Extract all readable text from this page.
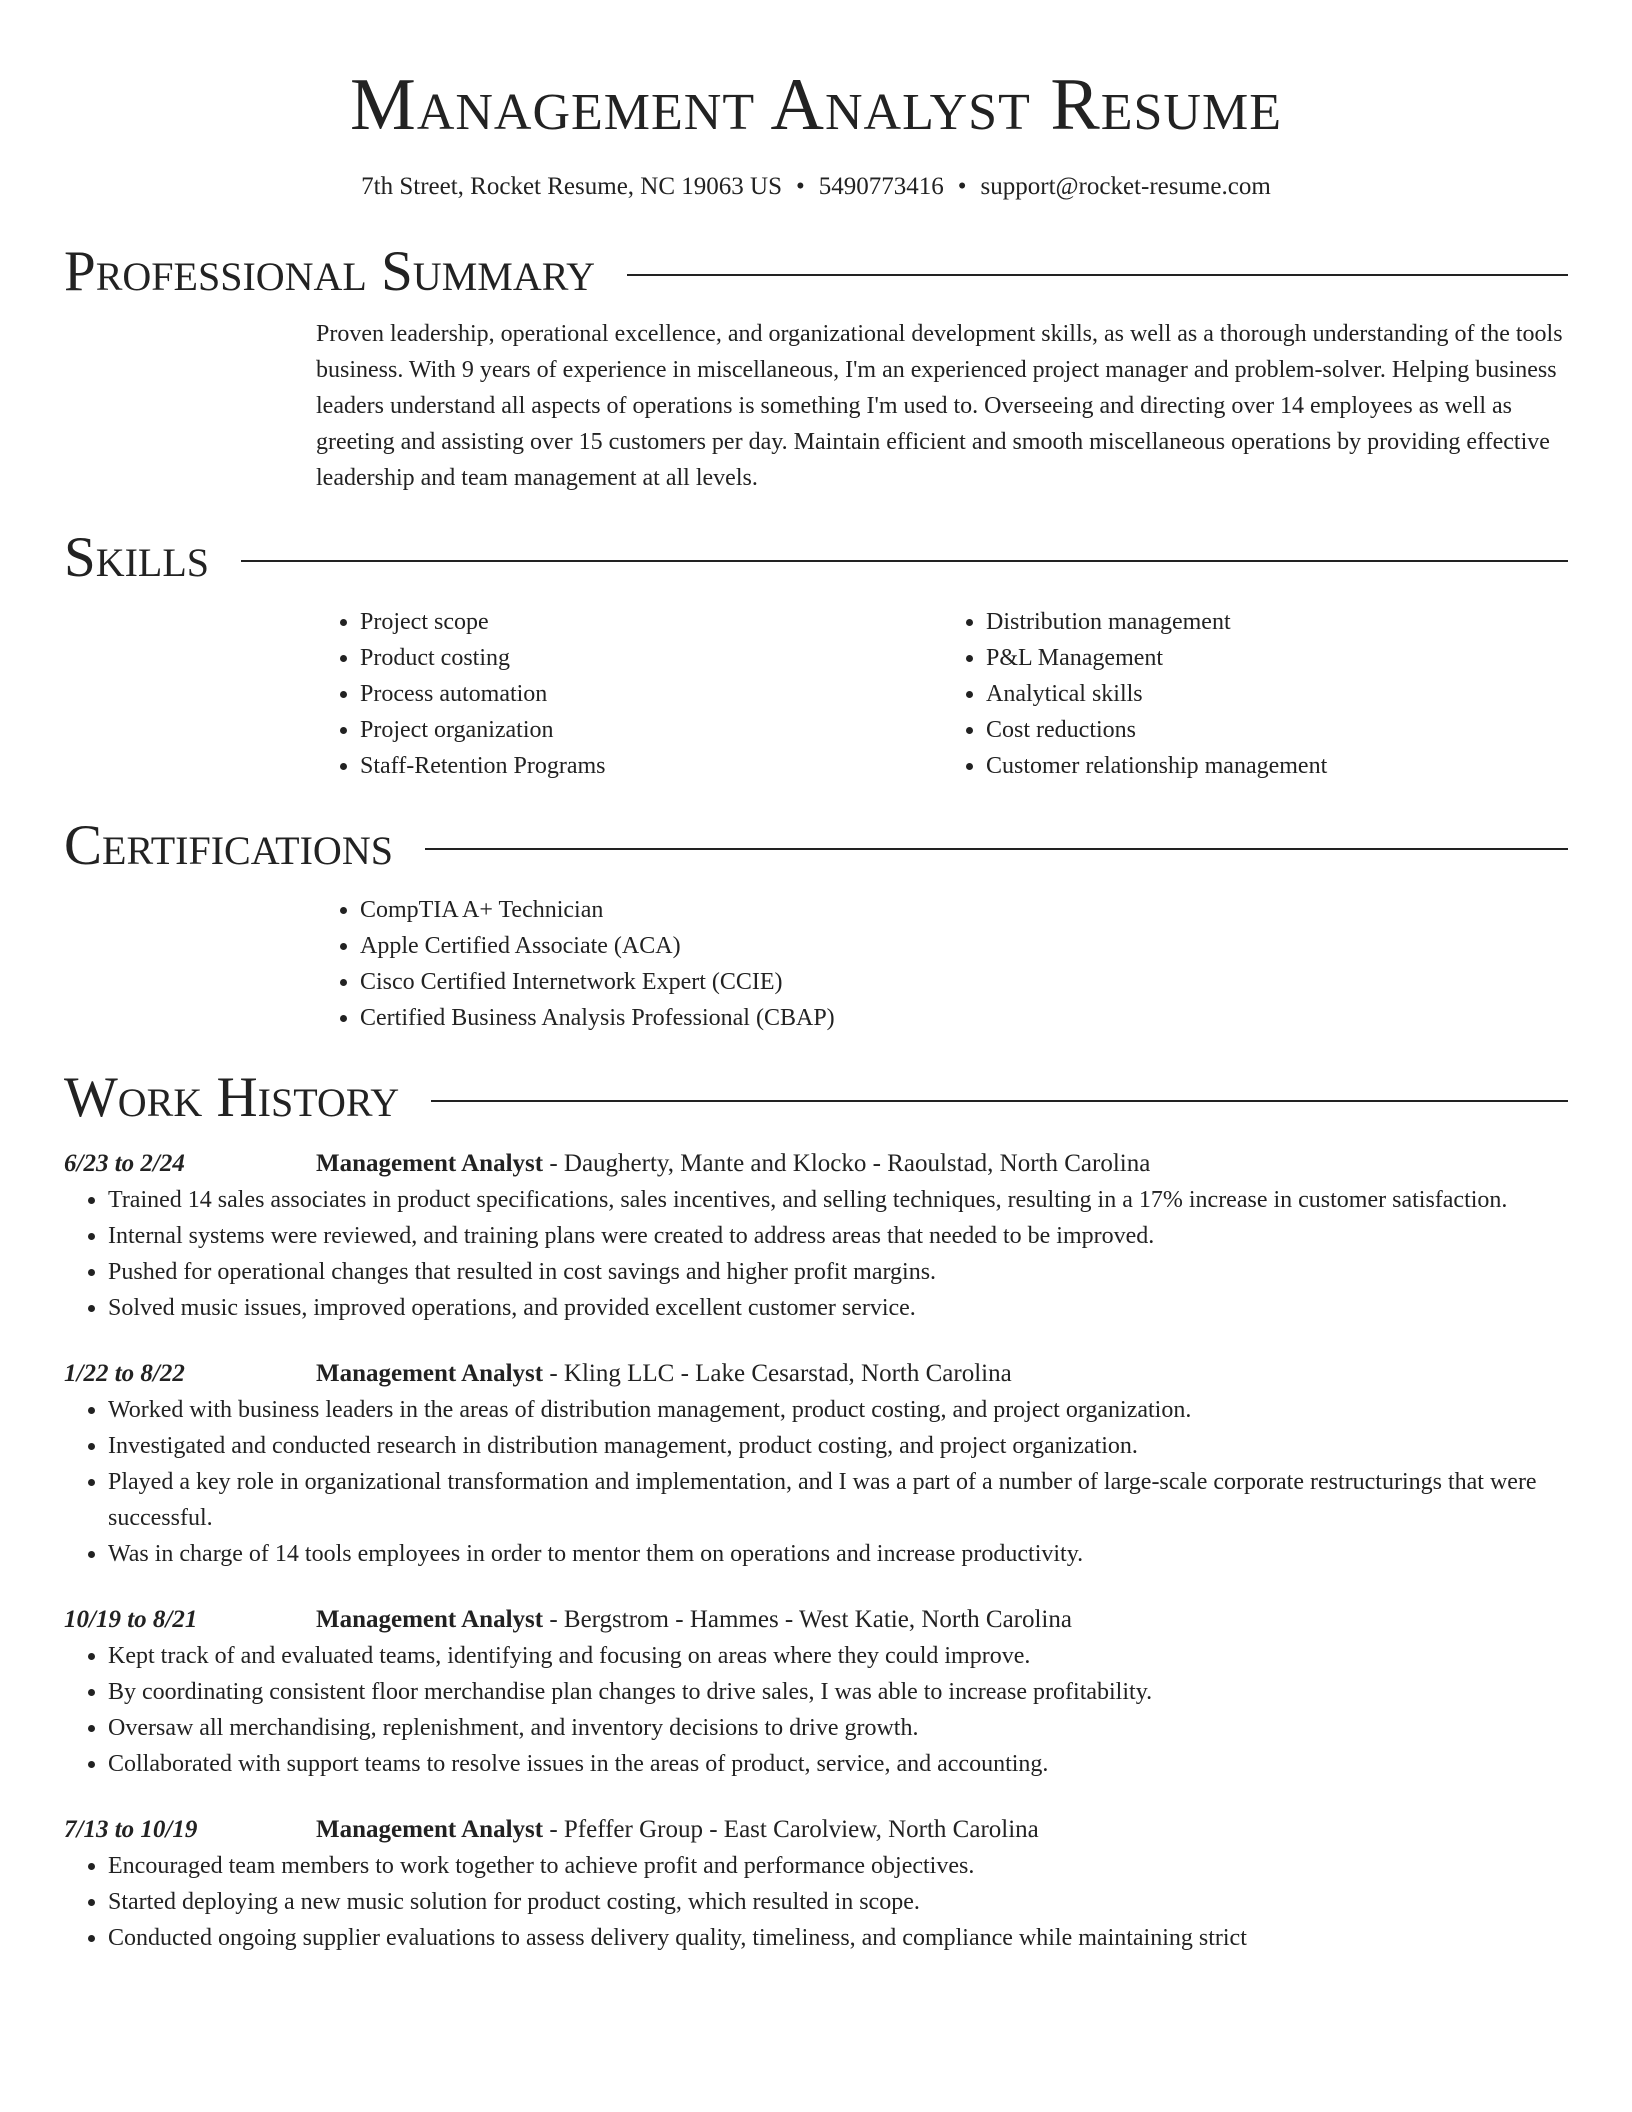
Management Analyst Resume
7th Street, Rocket Resume, NC 19063 US • 5490773416 • support@rocket-resume.com
Professional Summary
Proven leadership, operational excellence, and organizational development skills, as well as a thorough understanding of the tools business. With 9 years of experience in miscellaneous, I'm an experienced project manager and problem-solver. Helping business leaders understand all aspects of operations is something I'm used to. Overseeing and directing over 14 employees as well as greeting and assisting over 15 customers per day. Maintain efficient and smooth miscellaneous operations by providing effective leadership and team management at all levels.
Skills
• Project scope
• Product costing
• Process automation
• Project organization
• Staff-Retention Programs
• Distribution management
• P&L Management
• Analytical skills
• Cost reductions
• Customer relationship management
Certifications
• CompTIA A+ Technician
• Apple Certified Associate (ACA)
• Cisco Certified Internetwork Expert (CCIE)
• Certified Business Analysis Professional (CBAP)
Work History
6/23 to 2/24	Management Analyst - Daugherty, Mante and Klocko - Raoulstad, North Carolina
• Trained 14 sales associates in product specifications, sales incentives, and selling techniques, resulting in a 17% increase in customer satisfaction.
• Internal systems were reviewed, and training plans were created to address areas that needed to be improved.
• Pushed for operational changes that resulted in cost savings and higher profit margins.
• Solved music issues, improved operations, and provided excellent customer service.
1/22 to 8/22	Management Analyst - Kling LLC - Lake Cesarstad, North Carolina
• Worked with business leaders in the areas of distribution management, product costing, and project organization.
• Investigated and conducted research in distribution management, product costing, and project organization.
• Played a key role in organizational transformation and implementation, and I was a part of a number of large-scale corporate restructurings that were successful.
• Was in charge of 14 tools employees in order to mentor them on operations and increase productivity.
10/19 to 8/21	Management Analyst - Bergstrom - Hammes - West Katie, North Carolina
• Kept track of and evaluated teams, identifying and focusing on areas where they could improve.
• By coordinating consistent floor merchandise plan changes to drive sales, I was able to increase profitability.
• Oversaw all merchandising, replenishment, and inventory decisions to drive growth.
• Collaborated with support teams to resolve issues in the areas of product, service, and accounting.
7/13 to 10/19	Management Analyst - Pfeffer Group - East Carolview, North Carolina
• Encouraged team members to work together to achieve profit and performance objectives.
• Started deploying a new music solution for product costing, which resulted in scope.
• Conducted ongoing supplier evaluations to assess delivery quality, timeliness, and compliance while maintaining strict
